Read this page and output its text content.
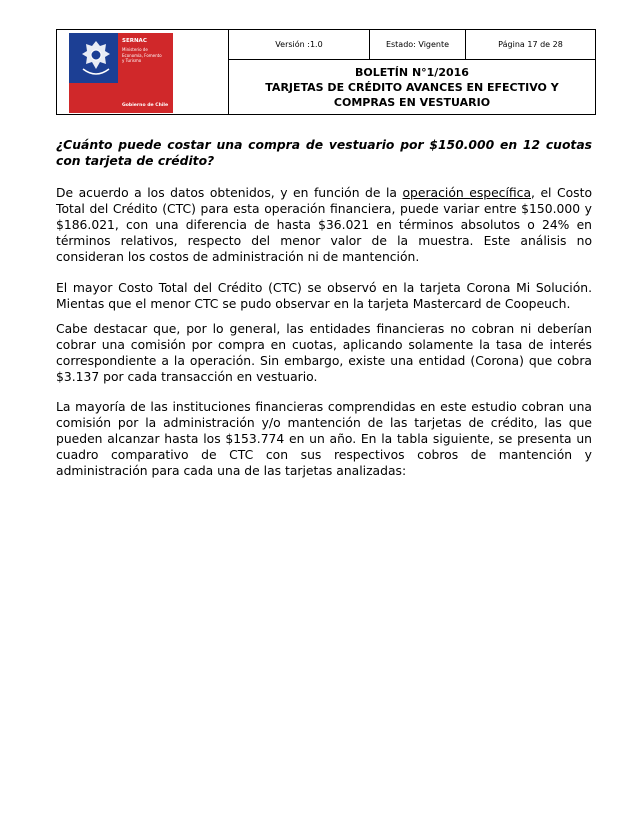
SERNAC
Ministerio de
Economía, Fomento
y Turismo
Gobierno de Chile
Versión :1.0	Estado: Vigente	Página 17 de 28
BOLETÍN N°1/2016
TARJETAS DE CRÉDITO AVANCES EN EFECTIVO Y
COMPRAS EN VESTUARIO

¿Cuánto puede costar una compra de vestuario por $150.000 en 12 cuotas con tarjeta de crédito?

De acuerdo a los datos obtenidos, y en función de la operación específica, el Costo Total del Crédito (CTC) para esta operación financiera, puede variar entre $150.000 y $186.021, con una diferencia de hasta $36.021 en términos absolutos o 24% en términos relativos, respecto del menor valor de la muestra. Este análisis no consideran los costos de administración ni de mantención.

El mayor Costo Total del Crédito (CTC) se observó en la tarjeta Corona Mi Solución. Mientas que el menor CTC se pudo observar en la tarjeta Mastercard de Coopeuch.

Cabe destacar que, por lo general, las entidades financieras no cobran ni deberían cobrar una comisión por compra en cuotas, aplicando solamente la tasa de interés correspondiente a la operación. Sin embargo, existe una entidad (Corona) que cobra $3.137 por cada transacción en vestuario.

La mayoría de las instituciones financieras comprendidas en este estudio cobran una comisión por la administración y/o mantención de las tarjetas de crédito, las que pueden alcanzar hasta los $153.774 en un año. En la tabla siguiente, se presenta un cuadro comparativo de CTC con sus respectivos cobros de mantención y administración para cada una de las tarjetas analizadas:
